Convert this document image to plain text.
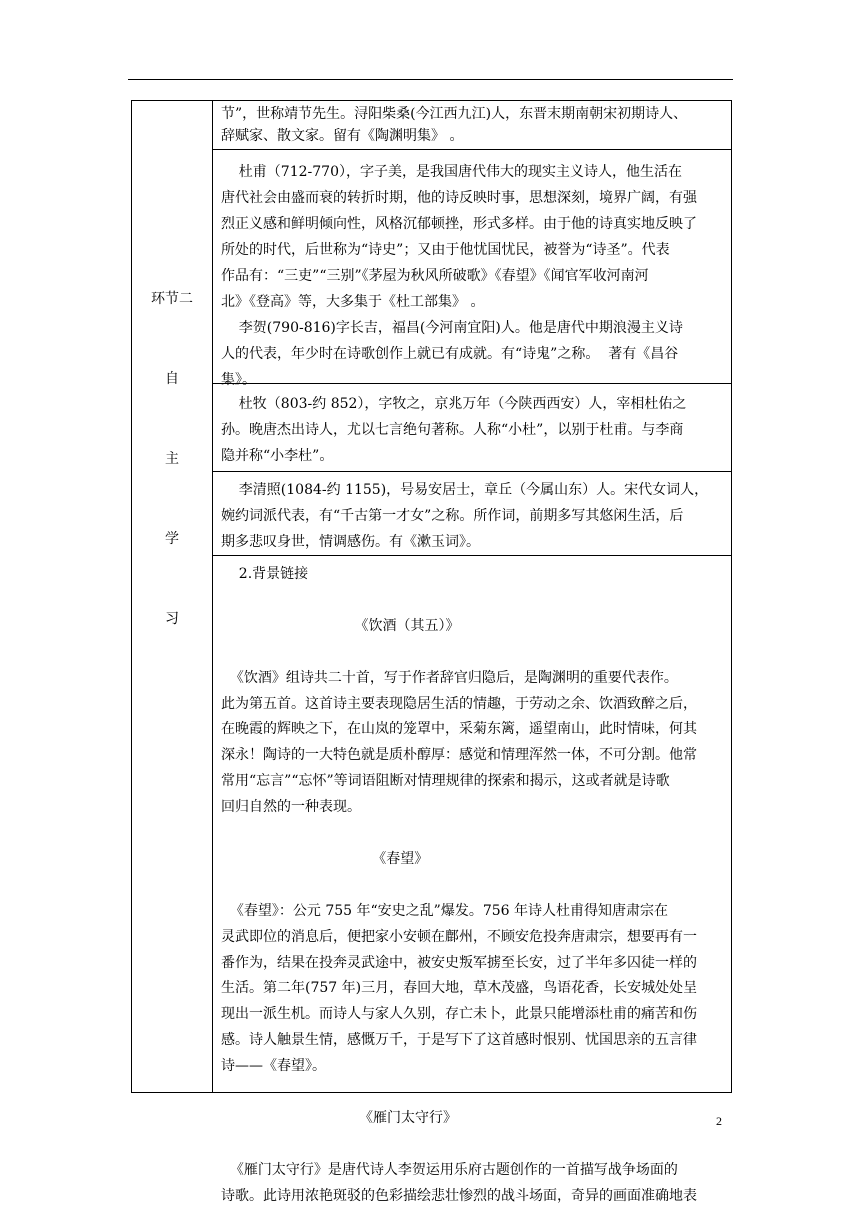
环节二
自
主
学
习
节”，世称靖节先生。浔阳柴桑(今江西九江)人，东晋末期南朝宋初期诗人、
辞赋家、散文家。留有《陶渊明集》 。
杜甫（712-770），字子美，是我国唐代伟大的现实主义诗人，他生活在
唐代社会由盛而衰的转折时期，他的诗反映时事，思想深刻，境界广阔，有强
烈正义感和鲜明倾向性，风格沉郁顿挫，形式多样。由于他的诗真实地反映了
所处的时代，后世称为“诗史”；又由于他忧国忧民，被誉为“诗圣”。代表
作品有：“三吏”“三别”《茅屋为秋风所破歌》《春望》《闻官军收河南河
北》《登高》等，大多集于《杜工部集》 。
李贺(790-816)字长吉，福昌(今河南宜阳)人。他是唐代中期浪漫主义诗
人的代表，年少时在诗歌创作上就已有成就。有“诗鬼”之称。  著有《昌谷
集》。
杜牧（803-约 852），字牧之，京兆万年（今陕西西安）人，宰相杜佑之
孙。晚唐杰出诗人，尤以七言绝句著称。人称“小杜”，以别于杜甫。与李商
隐并称“小李杜”。
李清照(1084-约 1155)，号易安居士，章丘（今属山东）人。宋代女词人，
婉约词派代表，有“千古第一才女”之称。所作词，前期多写其悠闲生活，后
期多悲叹身世，情调感伤。有《漱玉词》。
2.背景链接
《饮酒（其五）》
《饮酒》组诗共二十首，写于作者辞官归隐后，是陶渊明的重要代表作。
此为第五首。这首诗主要表现隐居生活的情趣，于劳动之余、饮酒致醉之后，
在晚霞的辉映之下，在山岚的笼罩中，采菊东篱，遥望南山，此时情味，何其
深永！陶诗的一大特色就是质朴醇厚：感觉和情理浑然一体，不可分割。他常
常用“忘言”“忘怀”等词语阻断对情理规律的探索和揭示，这或者就是诗歌
回归自然的一种表现。
《春望》
《春望》：公元 755 年“安史之乱”爆发。756 年诗人杜甫得知唐肃宗在
灵武即位的消息后，便把家小安顿在鄜州，不顾安危投奔唐肃宗，想要再有一
番作为，结果在投奔灵武途中，被安史叛军掳至长安，过了半年多囚徒一样的
生活。第二年(757 年)三月，春回大地，草木茂盛，鸟语花香，长安城处处呈
现出一派生机。而诗人与家人久别，存亡未卜，此景只能增添杜甫的痛苦和伤
感。诗人触景生情，感慨万千，于是写下了这首感时恨别、忧国思亲的五言律
诗——《春望》。
《雁门太守行》
《雁门太守行》是唐代诗人李贺运用乐府古题创作的一首描写战争场面的
诗歌。此诗用浓艳斑驳的色彩描绘悲壮惨烈的战斗场面，奇异的画面准确地表
2
